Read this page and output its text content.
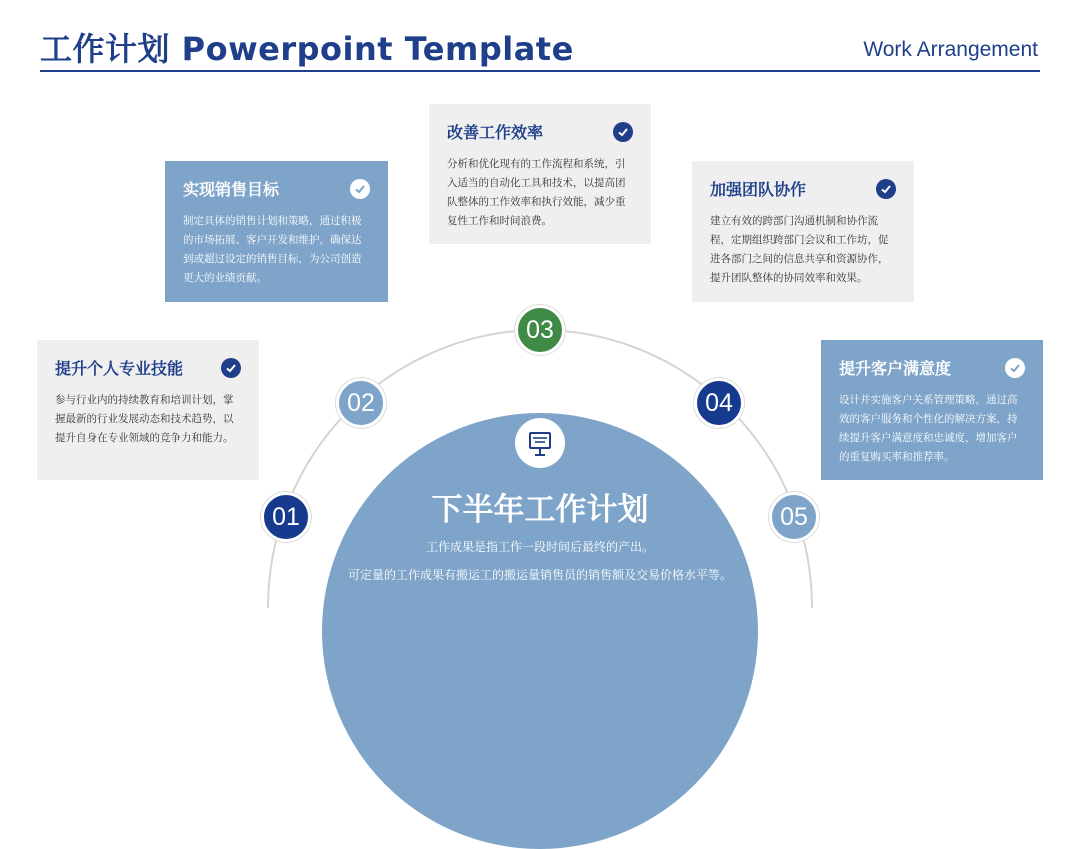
工作计划 Powerpoint Template	Work Arrangement
下半年工作计划
工作成果是指工作一段时间后最终的产出。
可定量的工作成果有搬运工的搬运量销售员的销售额及交易价格水平等。
01
02
03
04
05
提升个人专业技能
参与行业内的持续教育和培训计划，掌握最新的行业发展动态和技术趋势，以提升自身在专业领域的竞争力和能力。
实现销售目标
制定具体的销售计划和策略，通过积极的市场拓展、客户开发和维护，确保达到或超过设定的销售目标，为公司创造更大的业绩贡献。
改善工作效率
分析和优化现有的工作流程和系统，引入适当的自动化工具和技术，以提高团队整体的工作效率和执行效能，减少重复性工作和时间浪费。
加强团队协作
建立有效的跨部门沟通机制和协作流程，定期组织跨部门会议和工作坊，促进各部门之间的信息共享和资源协作，提升团队整体的协同效率和效果。
提升客户满意度
设计并实施客户关系管理策略，通过高效的客户服务和个性化的解决方案，持续提升客户满意度和忠诚度，增加客户的重复购买率和推荐率。
